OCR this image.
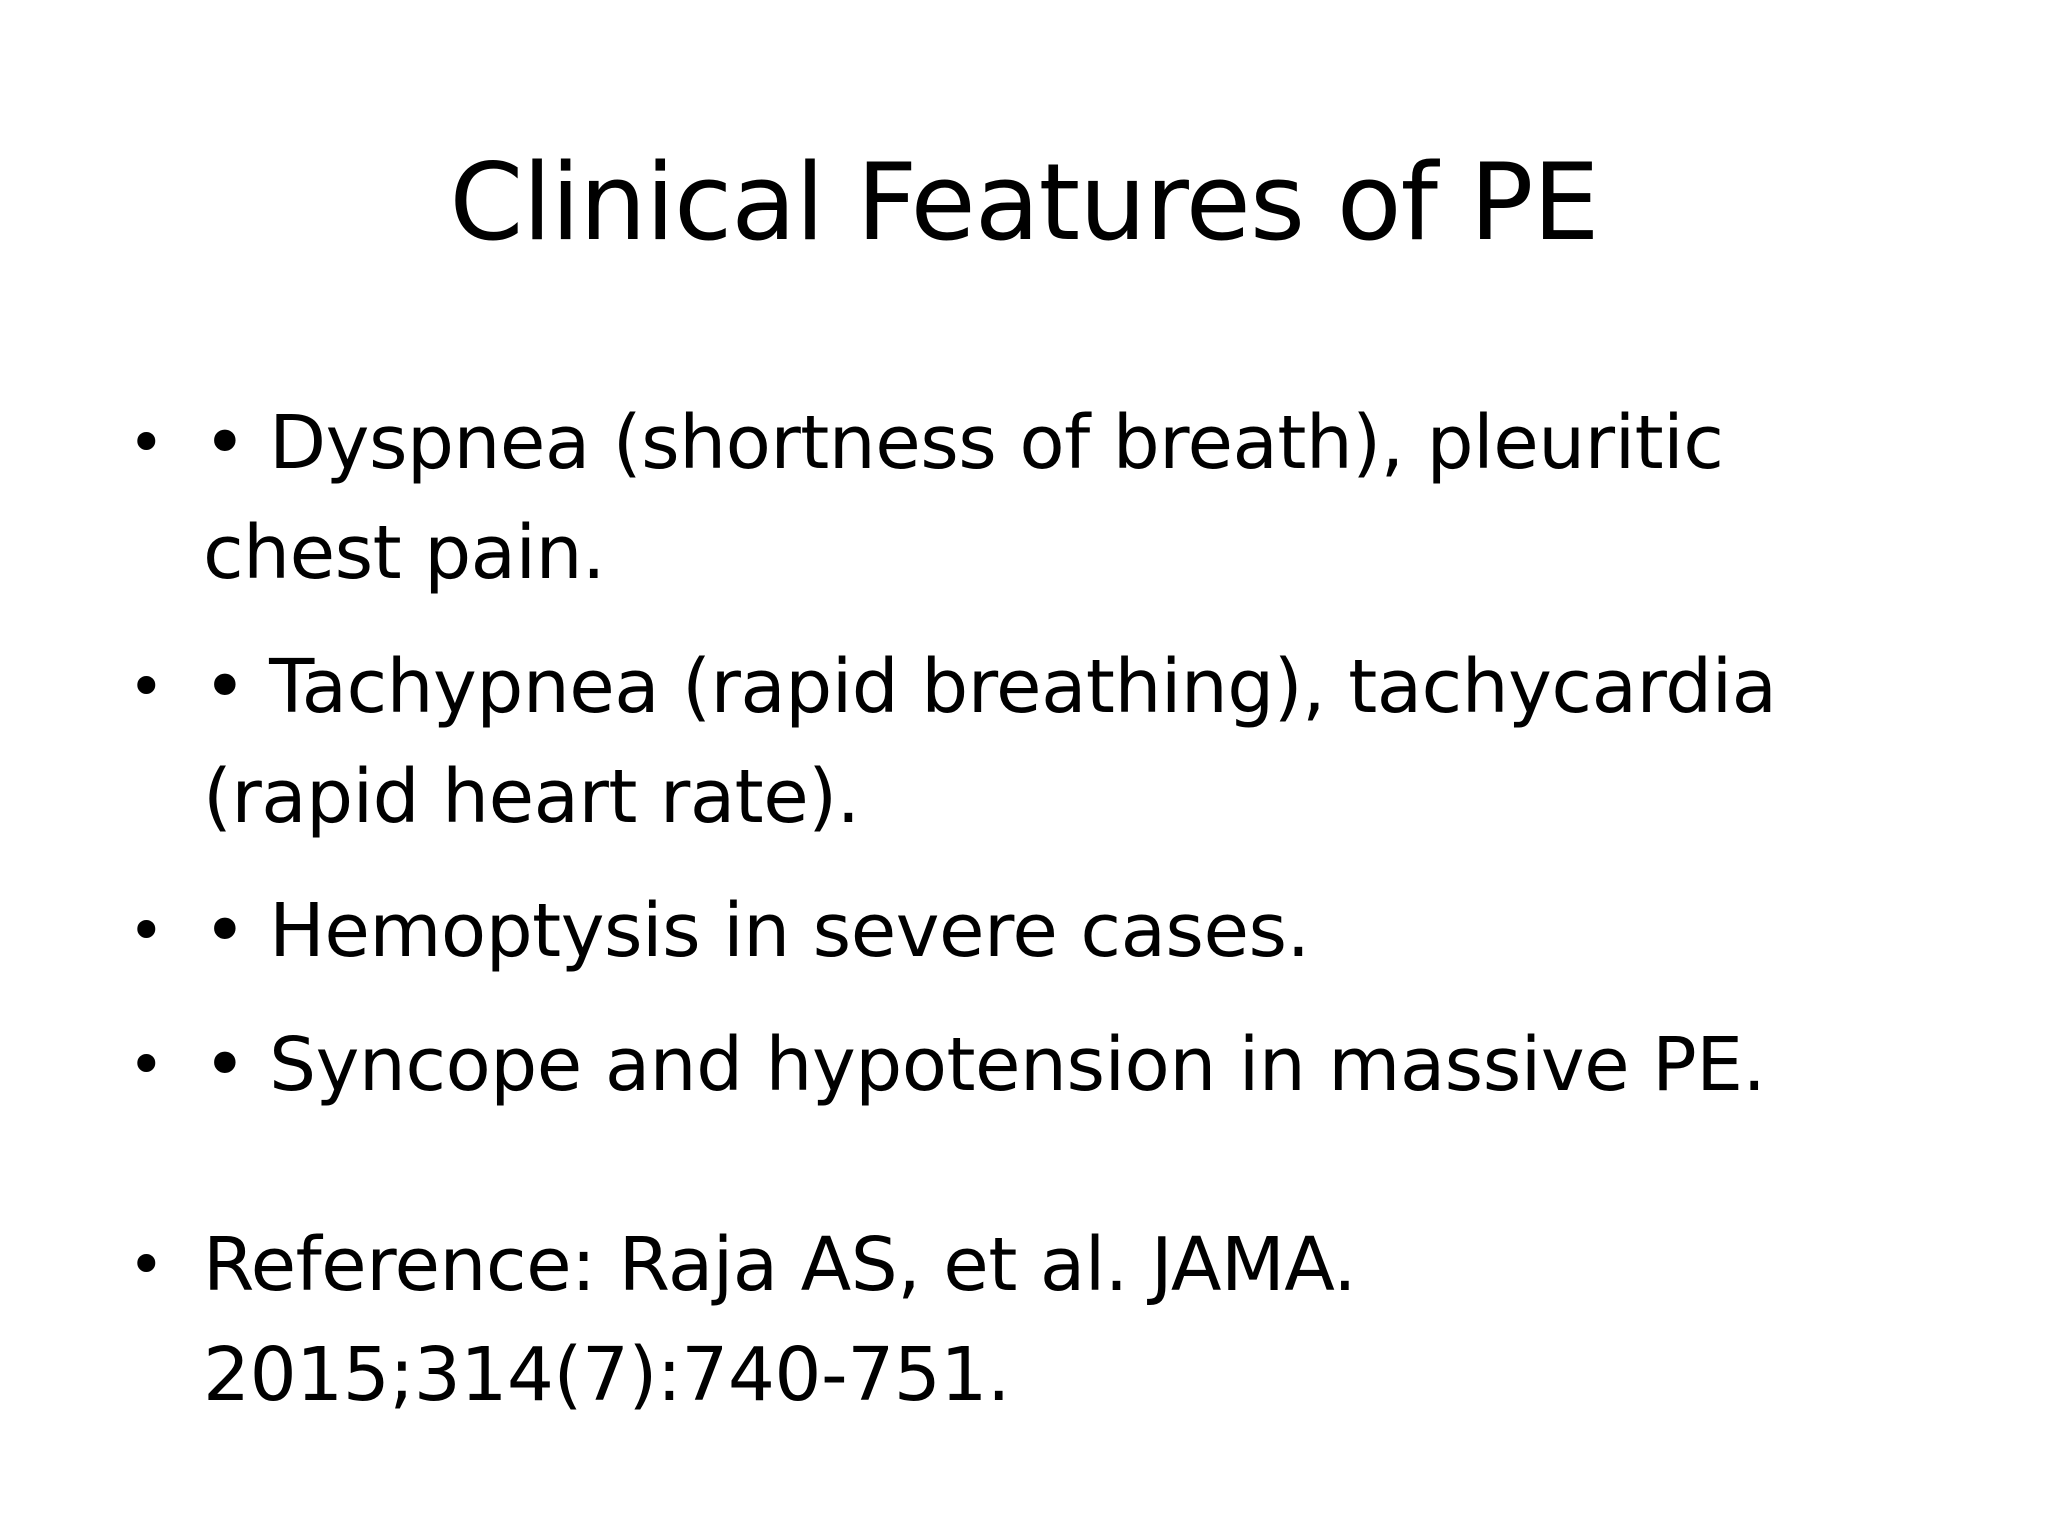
Clinical Features of PE
• • Dyspnea (shortness of breath), pleuritic chest pain.
• • Tachypnea (rapid breathing), tachycardia (rapid heart rate).
• • Hemoptysis in severe cases.
• • Syncope and hypotension in massive PE.
• Reference: Raja AS, et al. JAMA. 2015;314(7):740-751.
